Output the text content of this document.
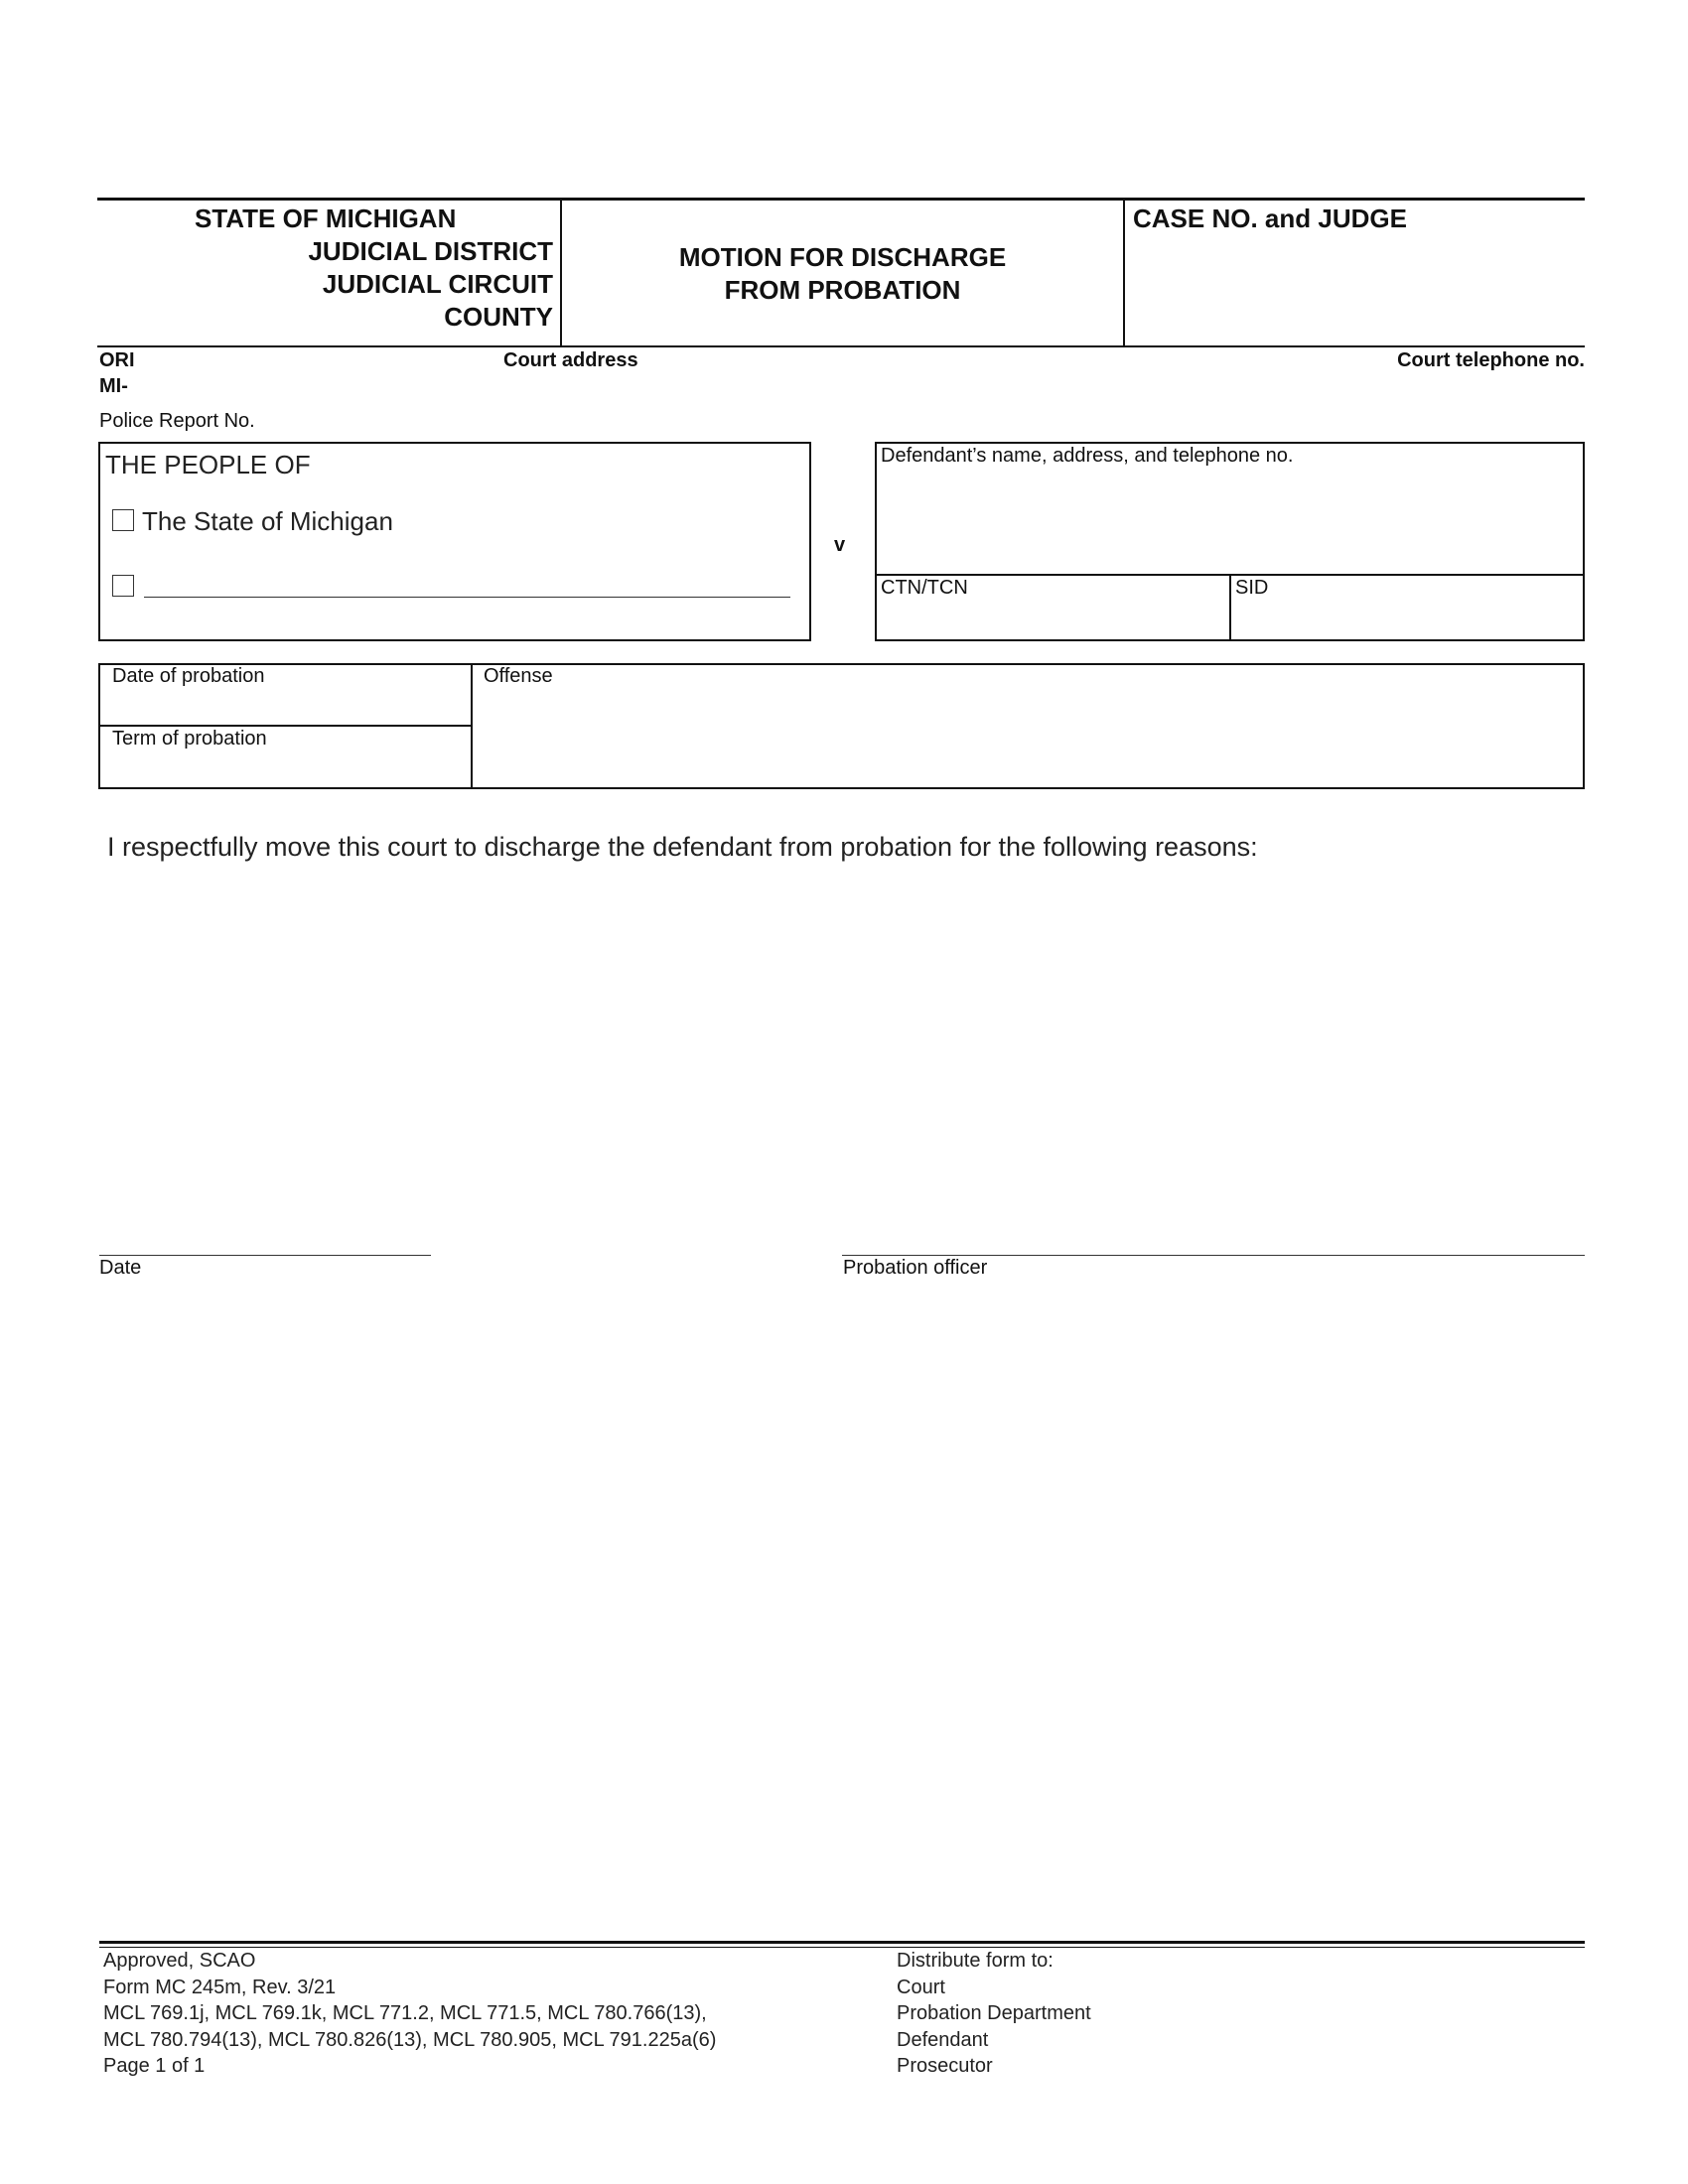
STATE OF MICHIGAN
JUDICIAL DISTRICT
JUDICIAL CIRCUIT
COUNTY
MOTION FOR DISCHARGE
FROM PROBATION
CASE NO. and JUDGE
ORI
MI-
Court address	Court telephone no.
Police Report No.
THE PEOPLE OF
The State of Michigan
v
Defendant’s name, address, and telephone no.
CTN/TCN	SID
Date of probation
Term of probation
Offense
I respectfully move this court to discharge the defendant from probation for the following reasons:
Date	Probation officer
Approved, SCAO
Form MC 245m, Rev. 3/21
MCL 769.1j, MCL 769.1k, MCL 771.2, MCL 771.5, MCL 780.766(13),
MCL 780.794(13), MCL 780.826(13), MCL 780.905, MCL 791.225a(6)
Page 1 of 1
Distribute form to:
Court
Probation Department
Defendant
Prosecutor
